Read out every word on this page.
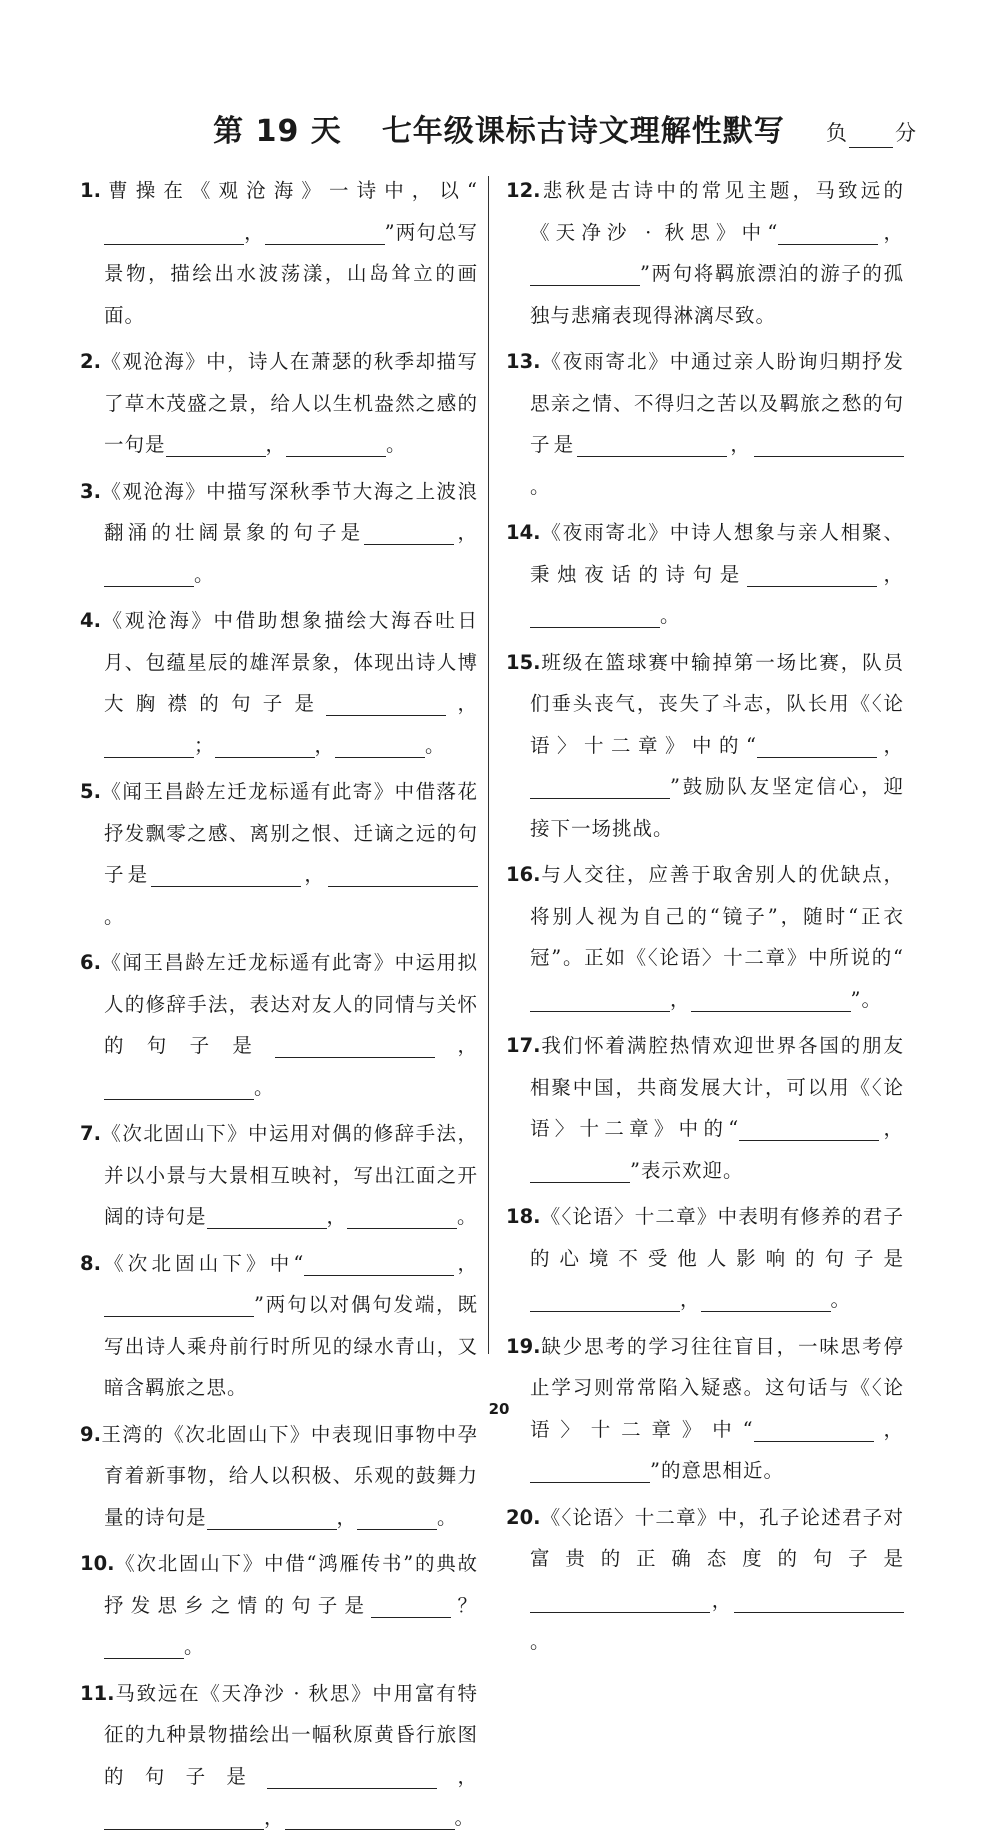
第 19 天 七年级课标古诗文理解性默写	负 分
1.曹操在《观沧海》一诗中，以“，	”两句总写景物，描绘出水波荡漾，山岛耸立的画面。
2.《观沧海》中，诗人在萧瑟的秋季却描写了草木茂盛之景，给人以生机盎然之感的一句是	，	。
3.《观沧海》中描写深秋季节大海之上波浪翻涌的壮阔景象的句子是	，。
4.《观沧海》中借助想象描绘大海吞吐日月、包蕴星辰的雄浑景象，体现出诗人博大胸襟的句子是	，；	，	。
5.《闻王昌龄左迁龙标遥有此寄》中借落花抒发飘零之感、离别之恨、迁谪之远的句子是	，。
6.《闻王昌龄左迁龙标遥有此寄》中运用拟人的修辞手法，表达对友人的同情与关怀的句子是	，。
7.《次北固山下》中运用对偶的修辞手法，并以小景与大景相互映衬，写出江面之开阔的诗句是	，	。
8.《次北固山下》中“	，”两句以对偶句发端，既写出诗人乘舟前行时所见的绿水青山，又暗含羁旅之思。
9.王湾的《次北固山下》中表现旧事物中孕育着新事物，给人以积极、乐观的鼓舞力量的诗句是	，	。
10.《次北固山下》中借“鸿雁传书”的典故抒发思乡之情的句子是	？。
11.马致远在《天净沙 · 秋思》中用富有特征的九种景物描绘出一幅秋原黄昏行旅图的句子是	，，	。
12.悲秋是古诗中的常见主题，马致远的《天净沙 · 秋思》中“	，”两句将羁旅漂泊的游子的孤独与悲痛表现得淋漓尽致。
13.《夜雨寄北》中通过亲人盼询归期抒发思亲之情、不得归之苦以及羁旅之愁的句子是	，。
14.《夜雨寄北》中诗人想象与亲人相聚、秉烛夜话的诗句是	，。
15.班级在篮球赛中输掉第一场比赛，队员们垂头丧气，丧失了斗志，队长用《〈论语〉十二章》中的“	，”鼓励队友坚定信心，迎接下一场挑战。
16.与人交往，应善于取舍别人的优缺点，将别人视为自己的“镜子”，随时“正衣冠”。正如《〈论语〉十二章》中所说的“，	”。
17.我们怀着满腔热情欢迎世界各国的朋友相聚中国，共商发展大计，可以用《〈论语〉十二章》中的“	，”表示欢迎。
18.《〈论语〉十二章》中表明有修养的君子的心境不受他人影响的句子是，	。
19.缺少思考的学习往往盲目，一味思考停止学习则常常陷入疑惑。这句话与《〈论语〉十二章》中“	，”的意思相近。
20.《〈论语〉十二章》中，孔子论述君子对富贵的正确态度的句子是，。
20
